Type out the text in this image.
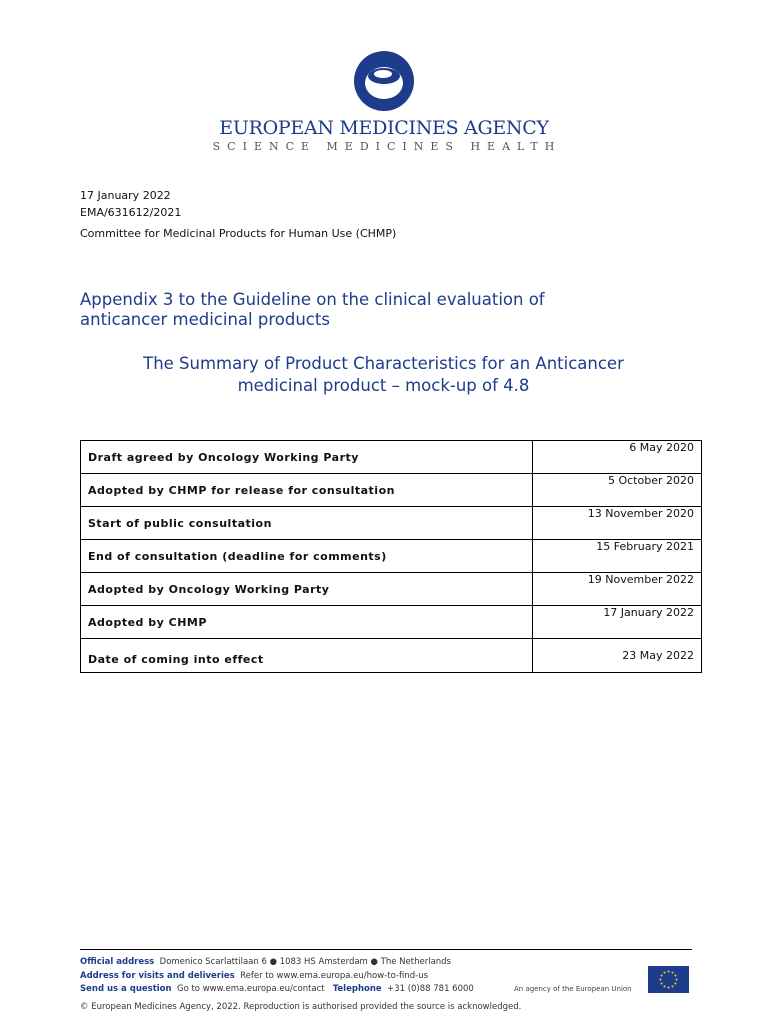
EUROPEAN MEDICINES AGENCY
SCIENCE MEDICINES HEALTH
17 January 2022
EMA/631612/2021
Committee for Medicinal Products for Human Use (CHMP)
Appendix 3 to the Guideline on the clinical evaluation of
anticancer medicinal products
The Summary of Product Characteristics for an Anticancer
medicinal product – mock-up of 4.8
Draft agreed by Oncology Working Party	6 May 2020

Adopted by CHMP for release for consultation	5 October 2020

Start of public consultation	13 November 2020

End of consultation (deadline for comments)	15 February 2021

Adopted by Oncology Working Party	19 November 2022

Adopted by CHMP	17 January 2022

Date of coming into effect	23 May 2022
Official address Domenico Scarlattilaan 6 ● 1083 HS Amsterdam ● The Netherlands
Address for visits and deliveries Refer to www.ema.europa.eu/how-to-find-us
Send us a question Go to www.ema.europa.eu/contact Telephone +31 (0)88 781 6000	An agency of the European Union
© European Medicines Agency, 2022. Reproduction is authorised provided the source is acknowledged.
